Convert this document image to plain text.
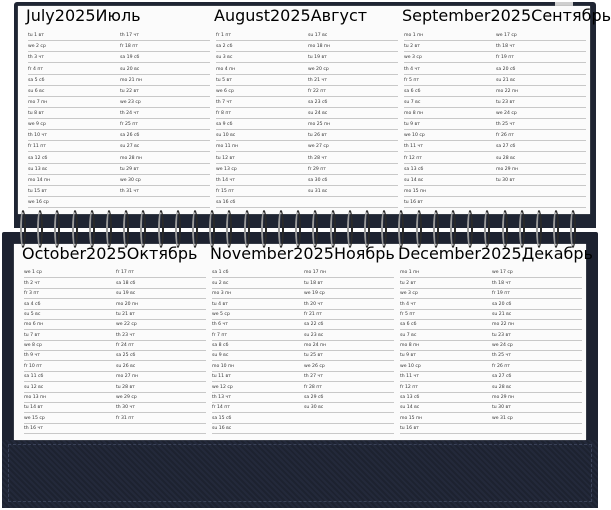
July2025Июль
tu 1 вт	th 17 чт
we 2 ср	fr 18 пт
th 3 чт	sa 19 сб
fr 4 пт	su 20 вс
sa 5 сб	mo 21 пн
su 6 вс	tu 22 вт
mo 7 пн	we 23 ср
tu 8 вт	th 24 чт
we 9 ср	fr 25 пт
th 10 чт	sa 26 сб
fr 11 пт	su 27 вс
sa 12 сб	mo 28 пн
su 13 вс	tu 29 вт
mo 14 пн	we 30 ср
tu 15 вт	th 31 чт
we 16 ср
August2025Август
fr 1 пт	su 17 вс
sa 2 сб	mo 18 пн
su 3 вс	tu 19 вт
mo 4 пн	we 20 ср
tu 5 вт	th 21 чт
we 6 ср	fr 22 пт
th 7 чт	sa 23 сб
fr 8 пт	su 24 вс
sa 9 сб	mo 25 пн
su 10 вс	tu 26 вт
mo 11 пн	we 27 ср
tu 12 вт	th 28 чт
we 13 ср	fr 29 пт
th 14 чт	sa 30 сб
fr 15 пт	su 31 вс
sa 16 сб
September2025Сентябрь
mo 1 пн	we 17 ср
tu 2 вт	th 18 чт
we 3 ср	fr 19 пт
th 4 чт	sa 20 сб
fr 5 пт	su 21 вс
sa 6 сб	mo 22 пн
su 7 вс	tu 23 вт
mo 8 пн	we 24 ср
tu 9 вт	th 25 чт
we 10 ср	fr 26 пт
th 11 чт	sa 27 сб
fr 12 пт	su 28 вс
sa 13 сб	mo 29 пн
su 14 вс	tu 30 вт
mo 15 пн
tu 16 вт
October2025Октябрь
we 1 ср	fr 17 пт
th 2 чт	sa 18 сб
fr 3 пт	su 19 вс
sa 4 сб	mo 20 пн
su 5 вс	tu 21 вт
mo 6 пн	we 22 ср
tu 7 вт	th 23 чт
we 8 ср	fr 24 пт
th 9 чт	sa 25 сб
fr 10 пт	su 26 вс
sa 11 сб	mo 27 пн
su 12 вс	tu 28 вт
mo 13 пн	we 29 ср
tu 14 вт	th 30 чт
we 15 ср	fr 31 пт
th 16 чт
November2025Ноябрь
sa 1 сб	mo 17 пн
su 2 вс	tu 18 вт
mo 3 пн	we 19 ср
tu 4 вт	th 20 чт
we 5 ср	fr 21 пт
th 6 чт	sa 22 сб
fr 7 пт	su 23 вс
sa 8 сб	mo 24 пн
su 9 вс	tu 25 вт
mo 10 пн	we 26 ср
tu 11 вт	th 27 чт
we 12 ср	fr 28 пт
th 13 чт	sa 29 сб
fr 14 пт	su 30 вс
sa 15 сб
su 16 вс
December2025Декабрь
mo 1 пн	we 17 ср
tu 2 вт	th 18 чт
we 3 ср	fr 19 пт
th 4 чт	sa 20 сб
fr 5 пт	su 21 вс
sa 6 сб	mo 22 пн
su 7 вс	tu 23 вт
mo 8 пн	we 24 ср
tu 9 вт	th 25 чт
we 10 ср	fr 26 пт
th 11 чт	sa 27 сб
fr 12 пт	su 28 вс
sa 13 сб	mo 29 пн
su 14 вс	tu 30 вт
mo 15 пн	we 31 ср
tu 16 вт
